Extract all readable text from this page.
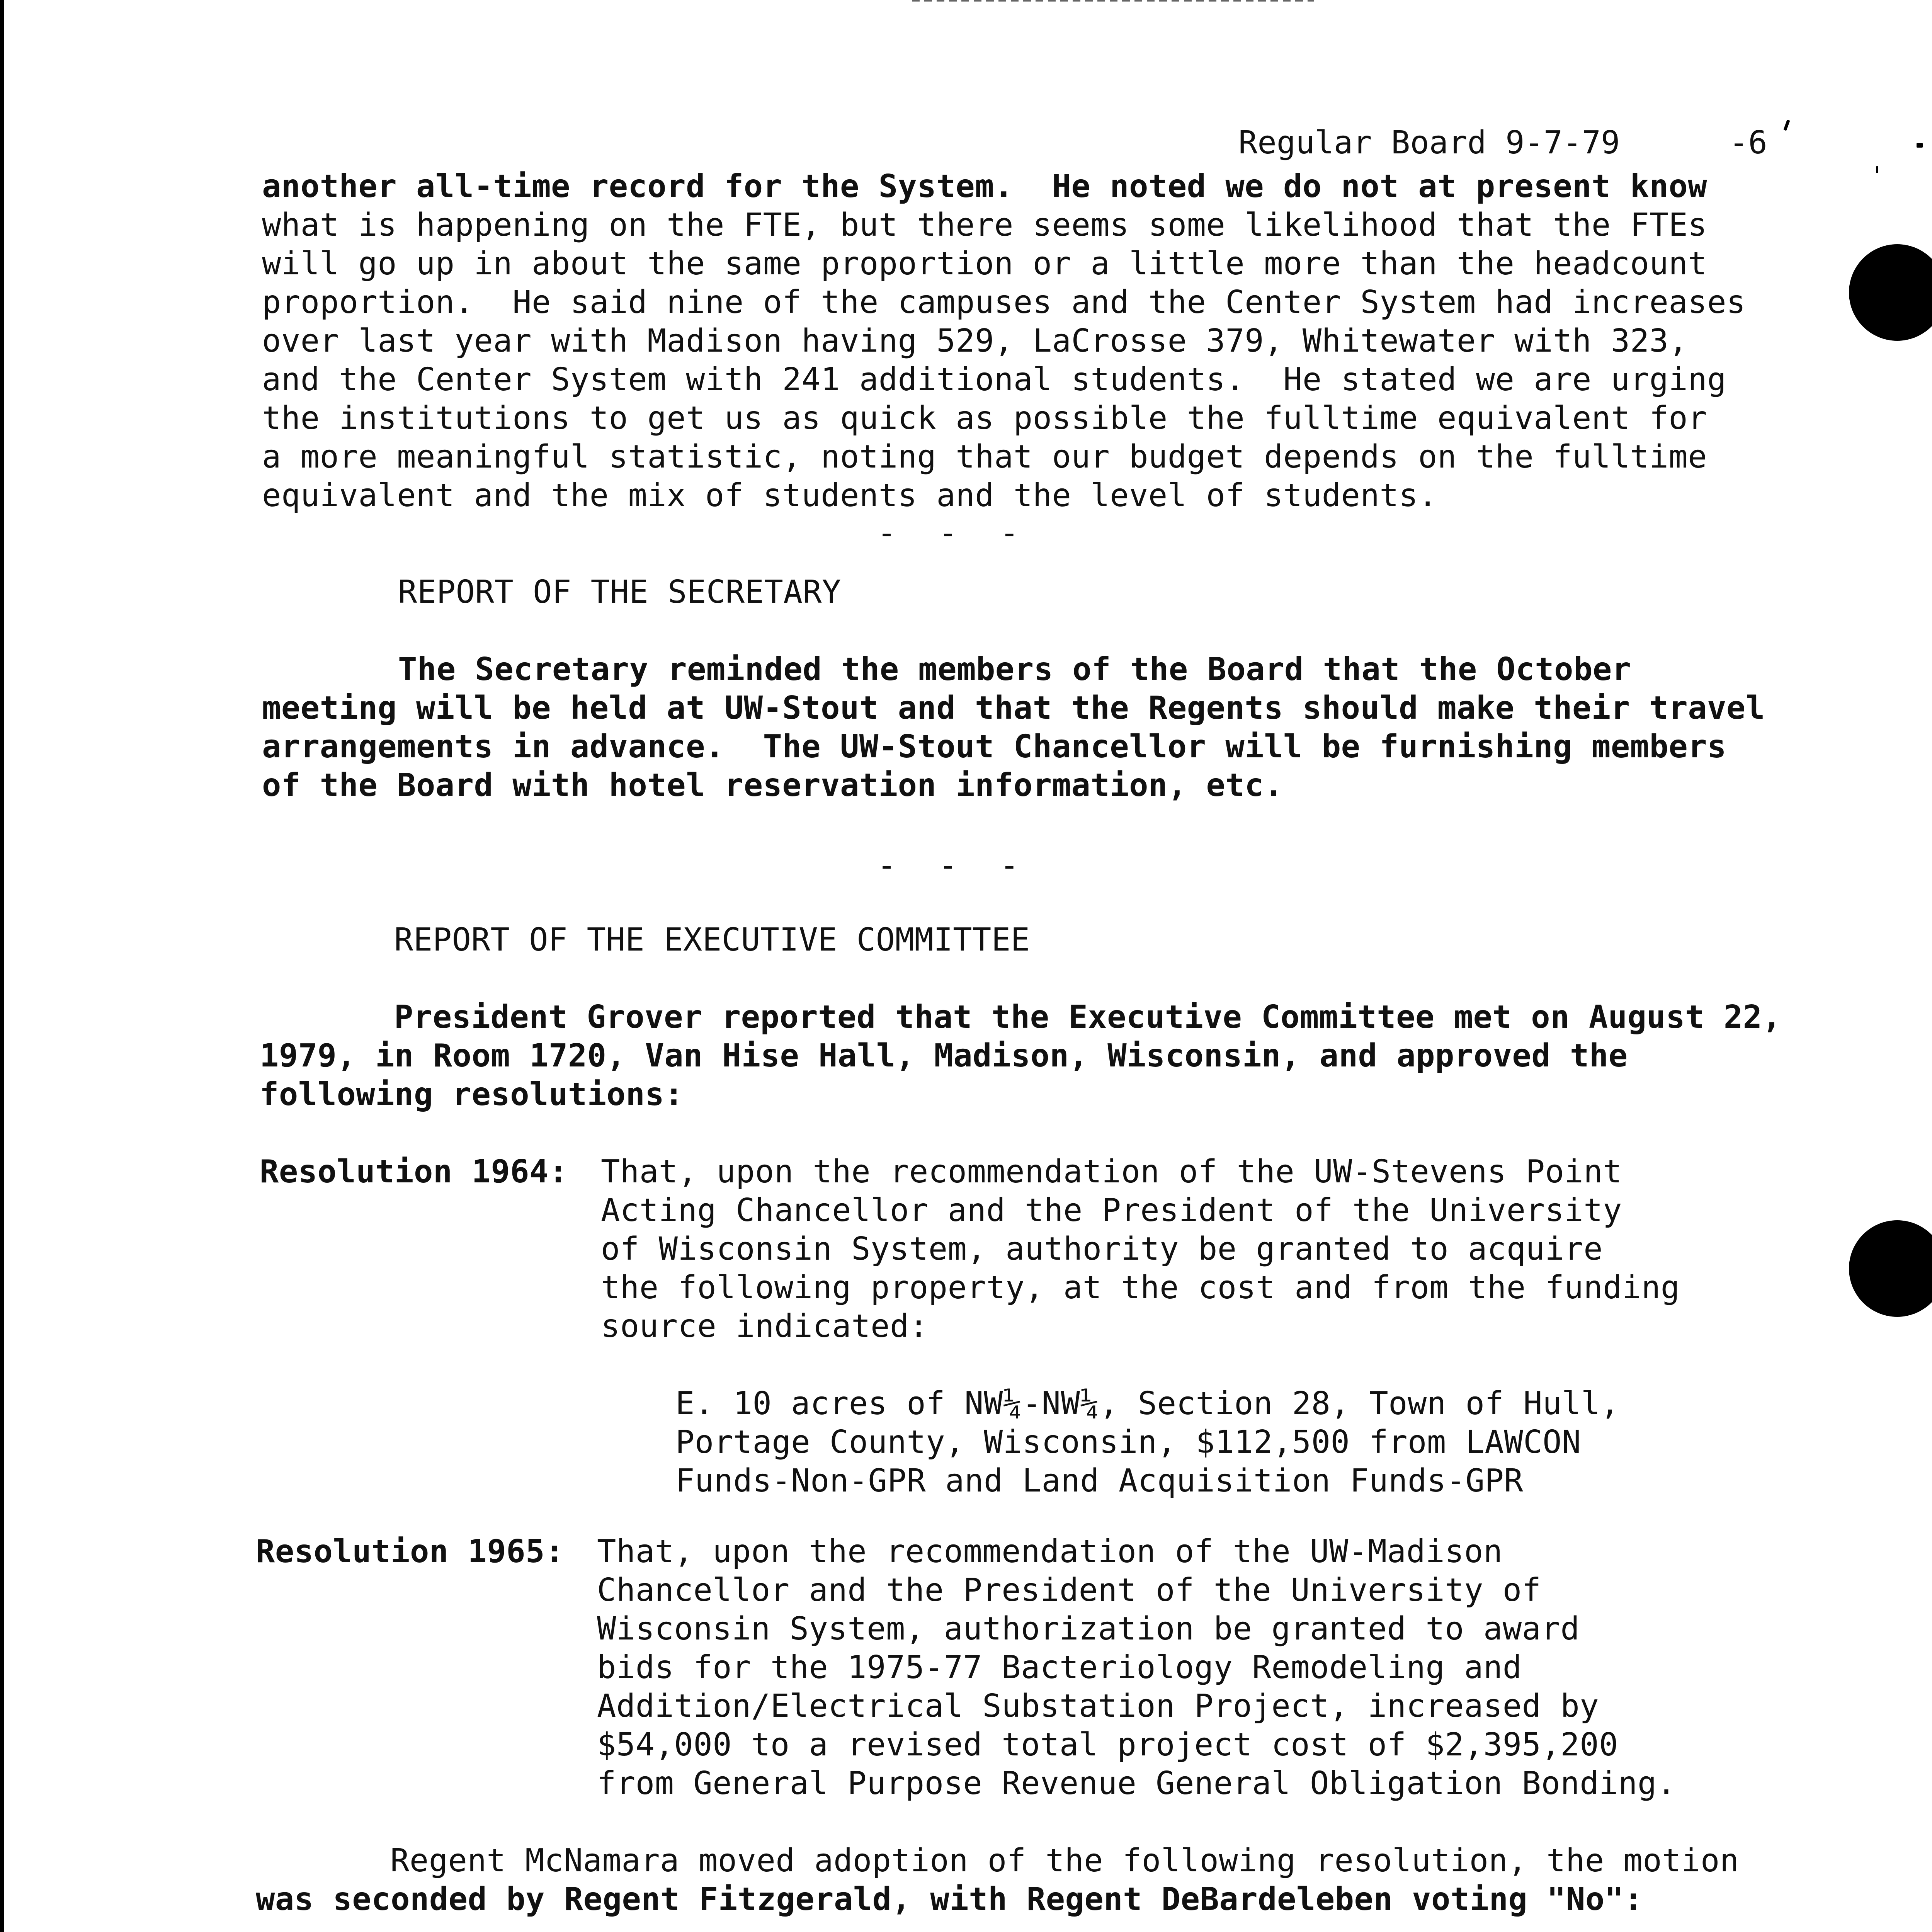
Regular Board 9-7-79	-6
another all-time record for the System.  He noted we do not at present know
what is happening on the FTE, but there seems some likelihood that the FTEs
will go up in about the same proportion or a little more than the headcount
proportion.  He said nine of the campuses and the Center System had increases
over last year with Madison having 529, LaCrosse 379, Whitewater with 323,
and the Center System with 241 additional students.  He stated we are urging
the institutions to get us as quick as possible the fulltime equivalent for
a more meaningful statistic, noting that our budget depends on the fulltime
equivalent and the mix of students and the level of students.
- - -
REPORT OF THE SECRETARY
The Secretary reminded the members of the Board that the October
meeting will be held at UW-Stout and that the Regents should make their travel
arrangements in advance.  The UW-Stout Chancellor will be furnishing members
of the Board with hotel reservation information, etc.
- - -
REPORT OF THE EXECUTIVE COMMITTEE
President Grover reported that the Executive Committee met on August 22,
1979, in Room 1720, Van Hise Hall, Madison, Wisconsin, and approved the
following resolutions:
Resolution 1964: That, upon the recommendation of the UW-Stevens Point
Acting Chancellor and the President of the University
of Wisconsin System, authority be granted to acquire
the following property, at the cost and from the funding
source indicated:
E. 10 acres of NW¼-NW¼, Section 28, Town of Hull,
Portage County, Wisconsin, $112,500 from LAWCON
Funds-Non-GPR and Land Acquisition Funds-GPR
Resolution 1965: That, upon the recommendation of the UW-Madison
Chancellor and the President of the University of
Wisconsin System, authorization be granted to award
bids for the 1975-77 Bacteriology Remodeling and
Addition/Electrical Substation Project, increased by
$54,000 to a revised total project cost of $2,395,200
from General Purpose Revenue General Obligation Bonding.
Regent McNamara moved adoption of the following resolution, the motion
was seconded by Regent Fitzgerald, with Regent DeBardeleben voting "No":
